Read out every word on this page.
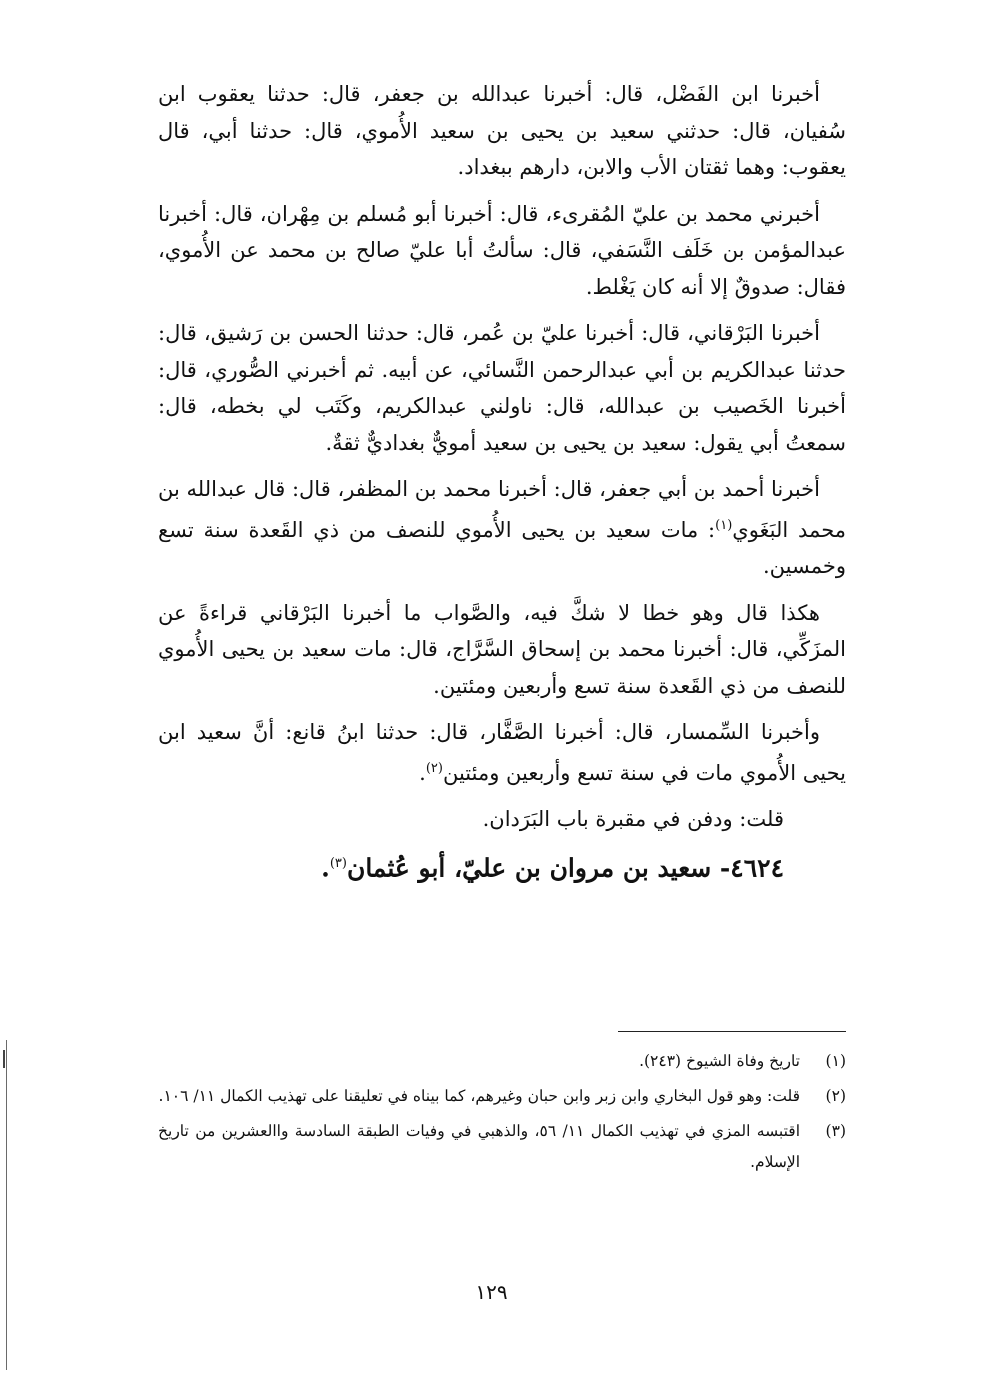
أخبرنا ابن الفَضْل، قال: أخبرنا عبدالله بن جعفر، قال: حدثنا يعقوب ابن سُفيان، قال: حدثني سعيد بن يحيى بن سعيد الأُموي، قال: حدثنا أبي، قال يعقوب: وهما ثقتان الأب والابن، دارهم ببغداد.

أخبرني محمد بن عليّ المُقرىء، قال: أخبرنا أبو مُسلم بن مِهْران، قال: أخبرنا عبدالمؤمن بن خَلَف النَّسَفي، قال: سألتُ أبا عليّ صالح بن محمد عن الأُموي، فقال: صدوقٌ إلا أنه كان يَغْلط.

أخبرنا البَرْقاني، قال: أخبرنا عليّ بن عُمر، قال: حدثنا الحسن بن رَشيق، قال: حدثنا عبدالكريم بن أبي عبدالرحمن النَّسائي، عن أبيه. ثم أخبرني الصُّوري، قال: أخبرنا الخَصيب بن عبدالله، قال: ناولني عبدالكريم، وكَتَب لي بخطه، قال: سمعتُ أبي يقول: سعيد بن يحيى بن سعيد أمويٌّ بغداديٌّ ثقةٌ.

أخبرنا أحمد بن أبي جعفر، قال: أخبرنا محمد بن المظفر، قال: قال عبدالله بن محمد البَغَوي$^{(١)}$: مات سعيد بن يحيى الأُموي للنصف من ذي القَعدة سنة تسع وخمسين.

هكذا قال وهو خطا لا شكَّ فيه، والصَّواب ما أخبرنا البَرْقاني قراءةً عن المزَكِّي، قال: أخبرنا محمد بن إسحاق السَّرَّاج، قال: مات سعيد بن يحيى الأُموي للنصف من ذي القَعدة سنة تسع وأربعين ومئتين.

وأخبرنا السِّمسار، قال: أخبرنا الصَّفَّار، قال: حدثنا ابنُ قانع: أنَّ سعيد ابن يحيى الأُموي مات في سنة تسع وأربعين ومئتين$^{(٢)}$.

قلت: ودفن في مقبرة باب البَرَدان.

٤٦٢٤- سعيد بن مروان بن عليّ، أبو عُثمان$^{(٣)}$.

(١)
تاريخ وفاة الشيوخ (٢٤٣).
(٢)
قلت: وهو قول البخاري وابن زبر وابن حبان وغيرهم، كما بيناه في تعليقنا على تهذيب الكمال ١١/ ١٠٦.
(٣)
اقتبسه المزي في تهذيب الكمال ١١/ ٥٦، والذهبي في وفيات الطبقة السادسة واالعشرين من تاريخ الإسلام.
١٢٩
